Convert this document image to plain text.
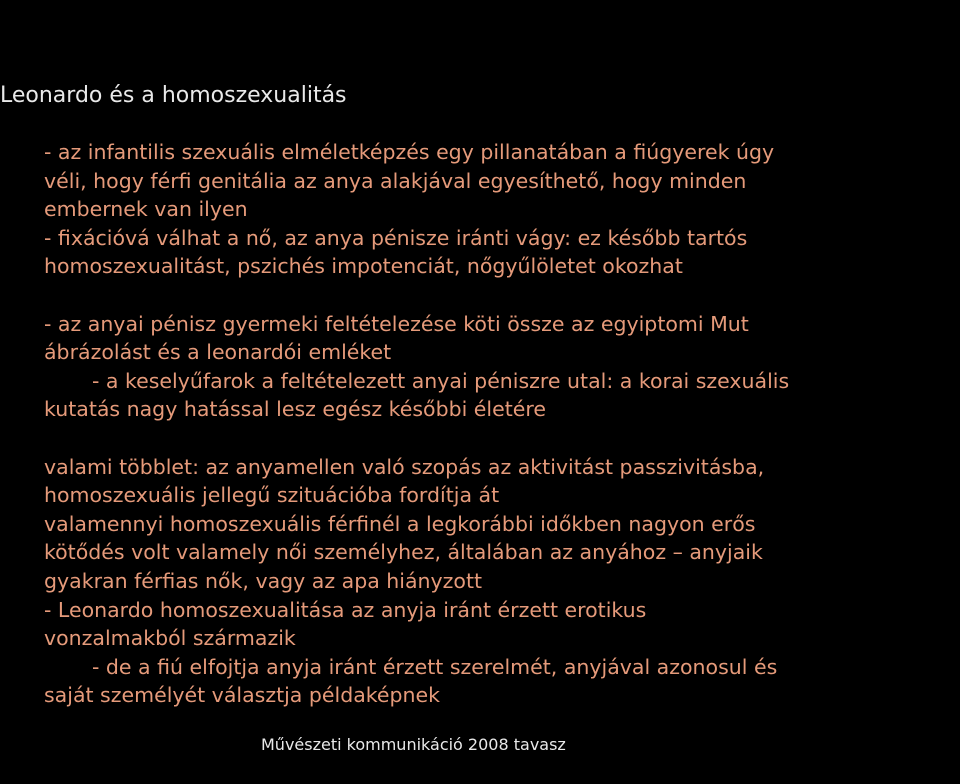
Leonardo és a homoszexualitás
- az infantilis szexuális elméletképzés egy pillanatában a fiúgyerek úgy
véli, hogy férfi genitália az anya alakjával egyesíthető, hogy minden
embernek van ilyen
- fixációvá válhat a nő, az anya pénisze iránti vágy: ez később tartós
homoszexualitást, pszichés impotenciát, nőgyűlöletet okozhat
- az anyai pénisz gyermeki feltételezése köti össze az egyiptomi Mut
ábrázolást és a leonardói emléket
- a keselyűfarok a feltételezett anyai péniszre utal: a korai szexuális
kutatás nagy hatással lesz egész későbbi életére
valami többlet: az anyamellen való szopás az aktivitást passzivitásba,
homoszexuális jellegű szituációba fordítja át
valamennyi homoszexuális férfinél a legkorábbi időkben nagyon erős
kötődés volt valamely női személyhez, általában az anyához – anyjaik
gyakran férfias nők, vagy az apa hiányzott
- Leonardo homoszexualitása az anyja iránt érzett erotikus
vonzalmakból származik
- de a fiú elfojtja anyja iránt érzett szerelmét, anyjával azonosul és
saját személyét választja példaképnek
Művészeti kommunikáció 2008 tavasz
